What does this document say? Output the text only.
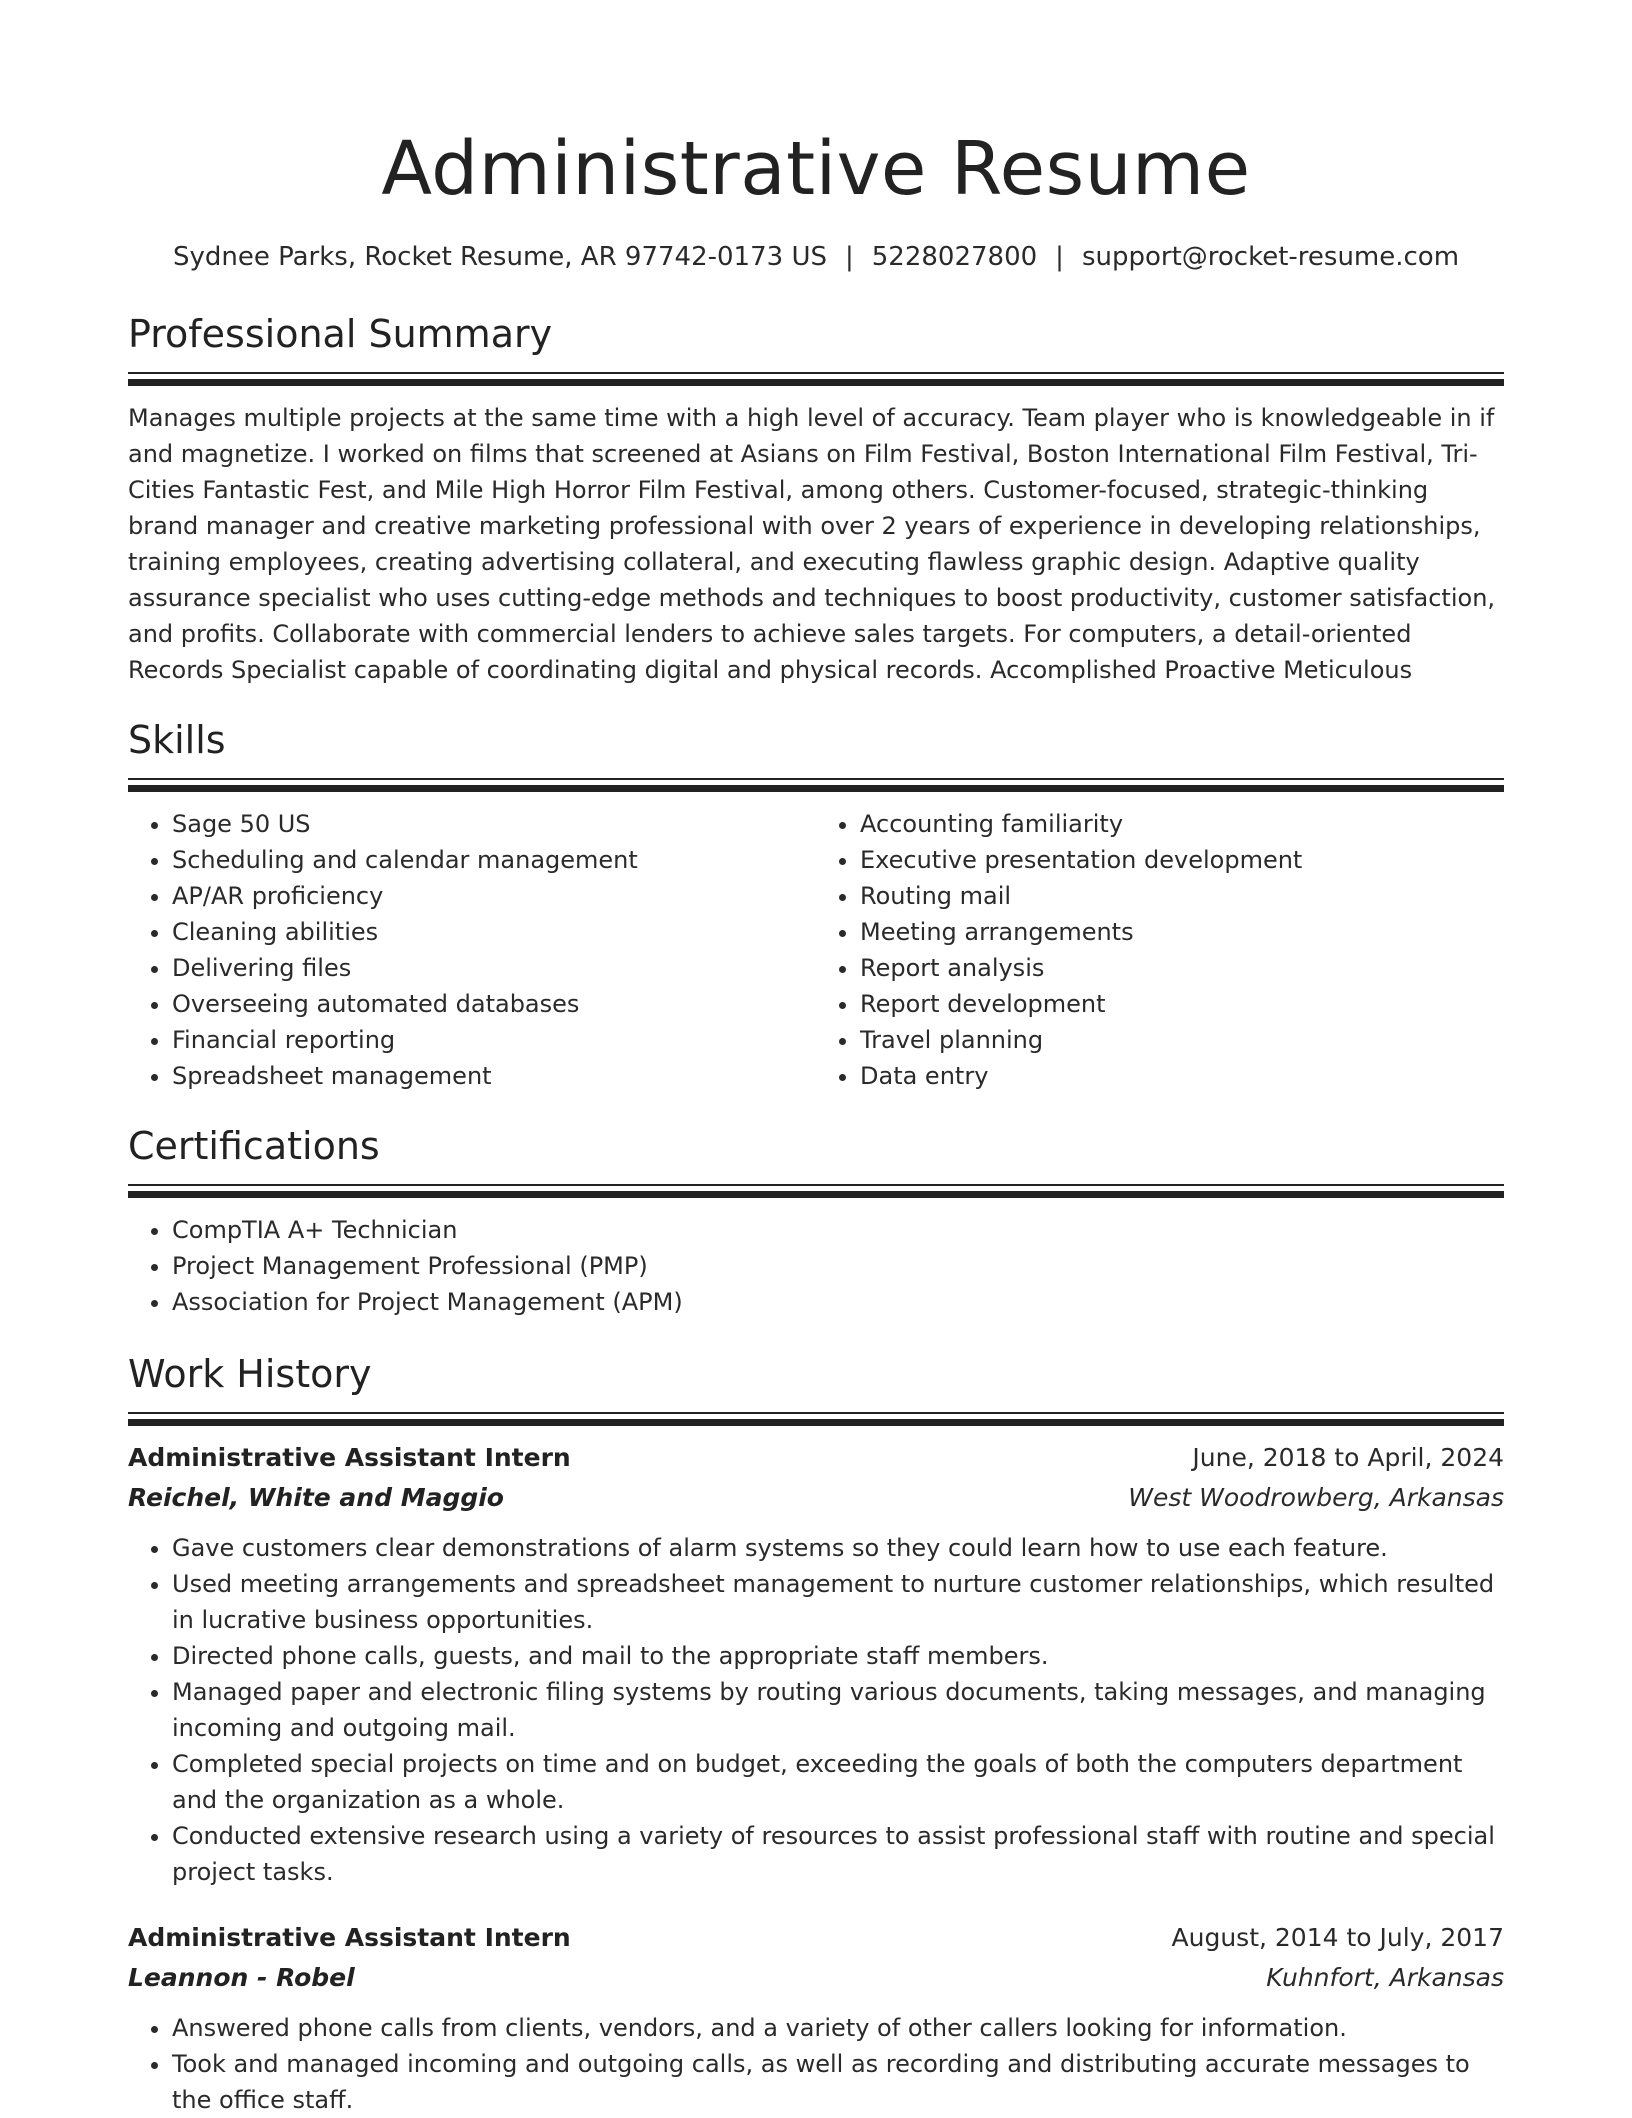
Administrative Resume
Sydnee Parks, Rocket Resume, AR 97742-0173 US | 5228027800 | support@rocket-resume.com
Professional Summary

Manages multiple projects at the same time with a high level of accuracy. Team player who is knowledgeable in if and magnetize. I worked on films that screened at Asians on Film Festival, Boston International Film Festival, Tri-Cities Fantastic Fest, and Mile High Horror Film Festival, among others. Customer-focused, strategic-thinking brand manager and creative marketing professional with over 2 years of experience in developing relationships, training employees, creating advertising collateral, and executing flawless graphic design. Adaptive quality assurance specialist who uses cutting-edge methods and techniques to boost productivity, customer satisfaction, and profits. Collaborate with commercial lenders to achieve sales targets. For computers, a detail-oriented Records Specialist capable of coordinating digital and physical records. Accomplished Proactive Meticulous

Skills
• Sage 50 US
• Scheduling and calendar management
• AP/AR proficiency
• Cleaning abilities
• Delivering files
• Overseeing automated databases
• Financial reporting
• Spreadsheet management
• Accounting familiarity
• Executive presentation development
• Routing mail
• Meeting arrangements
• Report analysis
• Report development
• Travel planning
• Data entry
Certifications
• CompTIA A+ Technician
• Project Management Professional (PMP)
• Association for Project Management (APM)
Work History
Administrative Assistant Intern	June, 2018 to April, 2024
Reichel, White and Maggio	West Woodrowberg, Arkansas
• Gave customers clear demonstrations of alarm systems so they could learn how to use each feature.
• Used meeting arrangements and spreadsheet management to nurture customer relationships, which resulted in lucrative business opportunities.
• Directed phone calls, guests, and mail to the appropriate staff members.
• Managed paper and electronic filing systems by routing various documents, taking messages, and managing incoming and outgoing mail.
• Completed special projects on time and on budget, exceeding the goals of both the computers department and the organization as a whole.
• Conducted extensive research using a variety of resources to assist professional staff with routine and special project tasks.
Administrative Assistant Intern	August, 2014 to July, 2017
Leannon - Robel	Kuhnfort, Arkansas
• Answered phone calls from clients, vendors, and a variety of other callers looking for information.
• Took and managed incoming and outgoing calls, as well as recording and distributing accurate messages to the office staff.
